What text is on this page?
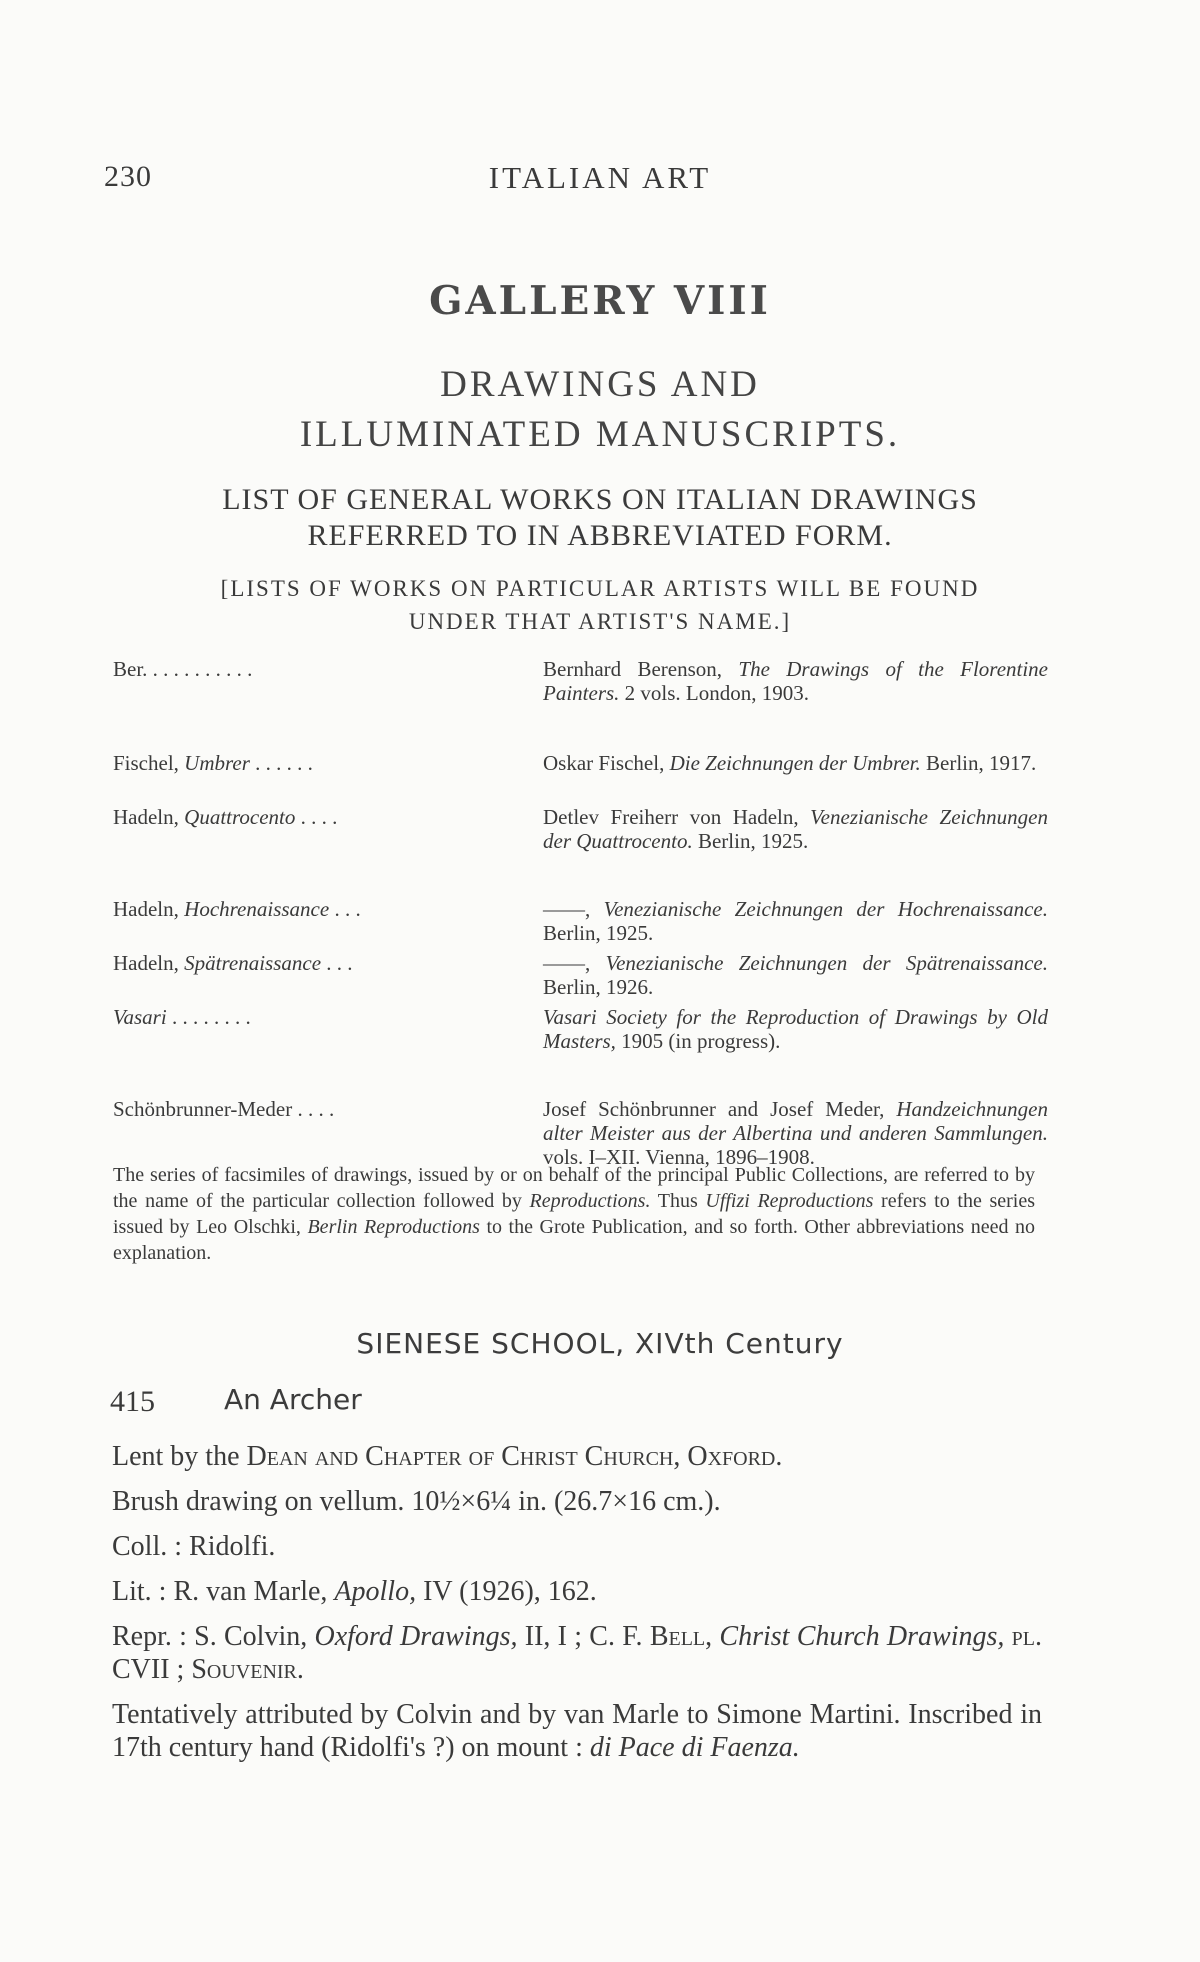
230	ITALIAN ART
GALLERY VIII
DRAWINGS AND
ILLUMINATED MANUSCRIPTS.
LIST OF GENERAL WORKS ON ITALIAN DRAWINGS
REFERRED TO IN ABBREVIATED FORM.
[LISTS OF WORKS ON PARTICULAR ARTISTS WILL BE FOUND
UNDER THAT ARTIST'S NAME.]
Ber. . . . . . . . . . .	Bernhard Berenson, The Drawings of the Florentine Painters. 2 vols. London, 1903.
Fischel, Umbrer . . . . . .	Oskar Fischel, Die Zeichnungen der Umbrer. Berlin, 1917.
Hadeln, Quattrocento . . . .	Detlev Freiherr von Hadeln, Venezianische Zeichnungen der Quattrocento. Berlin, 1925.
Hadeln, Hochrenaissance . . .	——, Venezianische Zeichnungen der Hochrenaissance. Berlin, 1925.
Hadeln, Spätrenaissance . . .	——, Venezianische Zeichnungen der Spätrenaissance. Berlin, 1926.
Vasari . . . . . . . .	Vasari Society for the Reproduction of Drawings by Old Masters, 1905 (in progress).
Schönbrunner-Meder . . . .	Josef Schönbrunner and Josef Meder, Handzeichnungen alter Meister aus der Albertina und anderen Sammlungen. vols. I–XII. Vienna, 1896–1908.
The series of facsimiles of drawings, issued by or on behalf of the principal Public Collections, are referred to by the name of the particular collection followed by Reproductions. Thus Uffizi Reproductions refers to the series issued by Leo Olschki, Berlin Reproductions to the Grote Publication, and so forth. Other abbreviations need no explanation.
SIENESE SCHOOL, XIVth Century
415 An Archer
Lent by the Dean and Chapter of Christ Church, Oxford.
Brush drawing on vellum. 10½×6¼ in. (26.7×16 cm.).
Coll. : Ridolfi.
Lit. : R. van Marle, Apollo, IV (1926), 162.
Repr. : S. Colvin, Oxford Drawings, II, I ; C. F. Bell, Christ Church Drawings, pl. CVII ; Souvenir.
Tentatively attributed by Colvin and by van Marle to Simone Martini. Inscribed in 17th century hand (Ridolfi's ?) on mount : di Pace di Faenza.
